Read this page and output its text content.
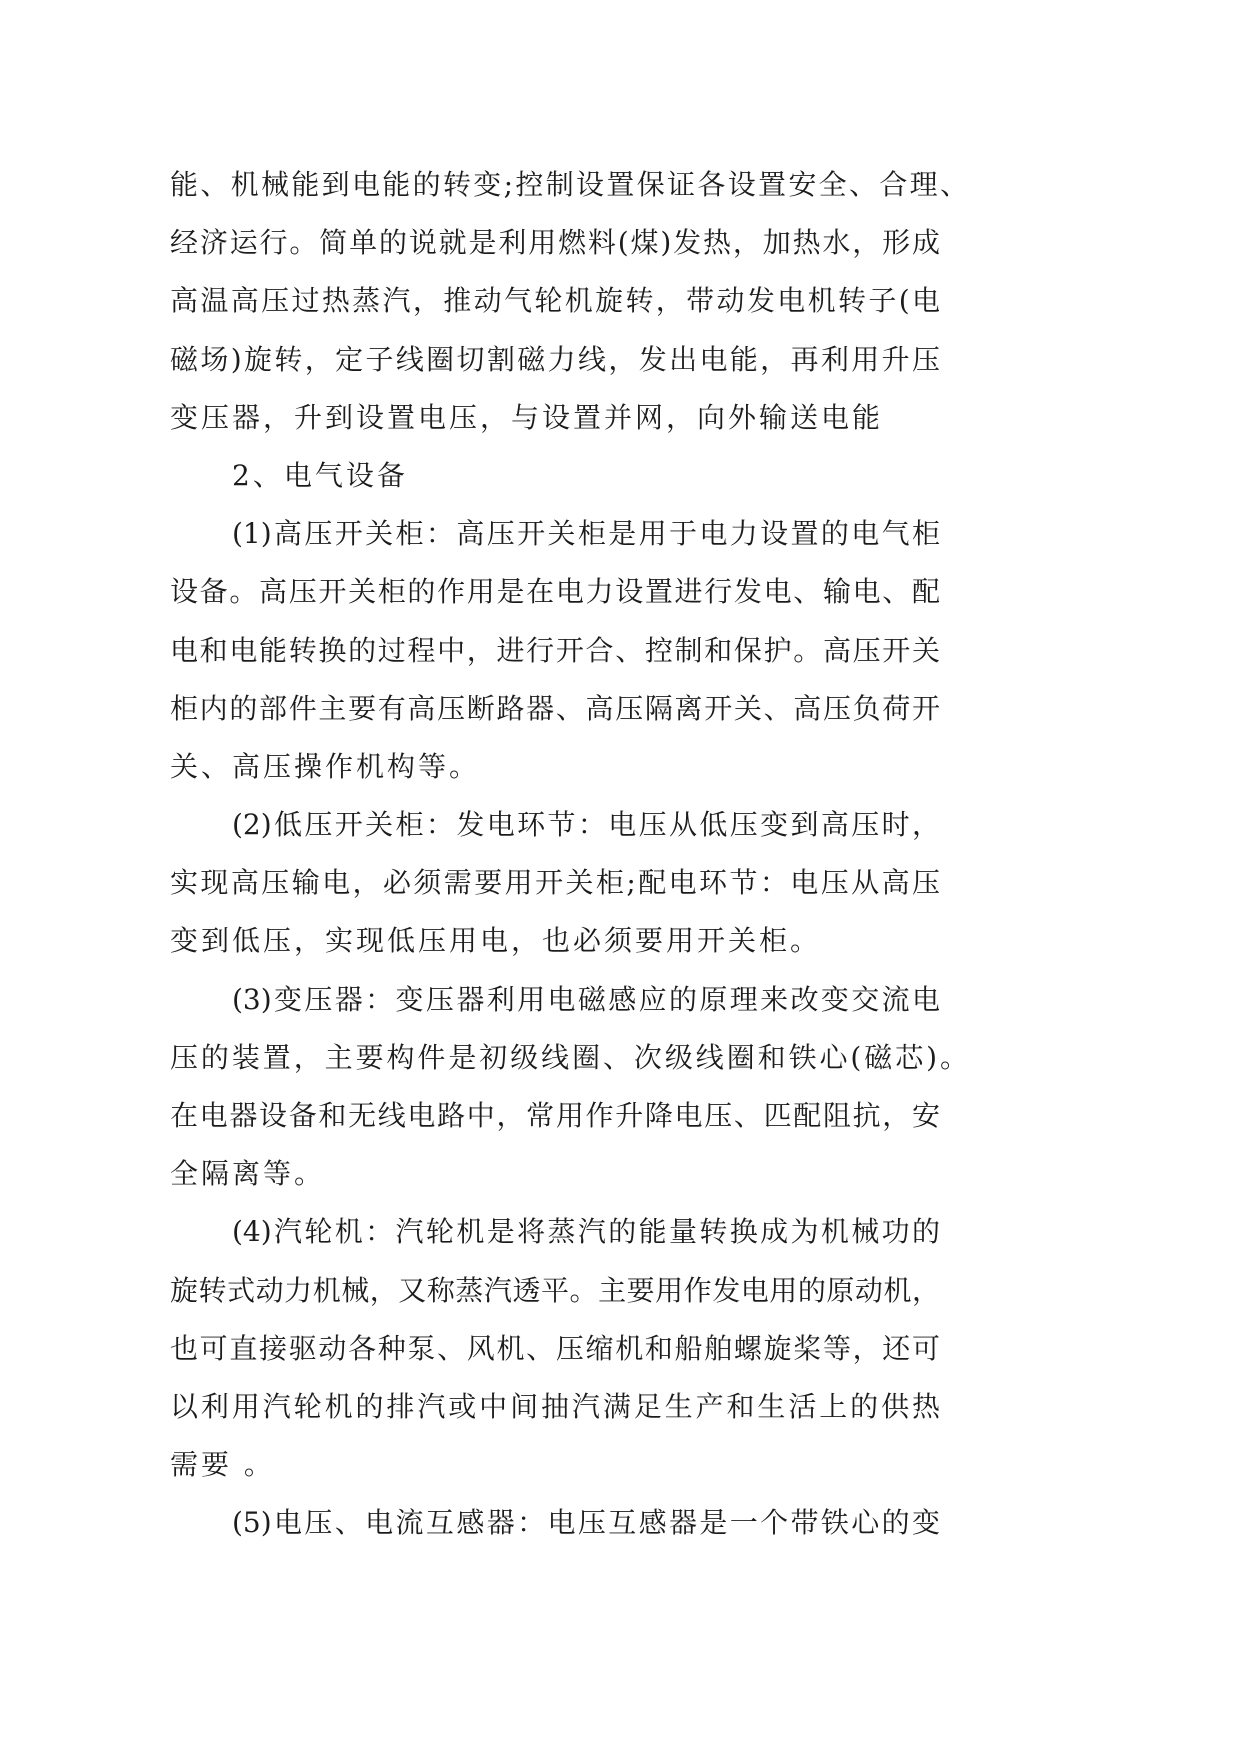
能、机械能到电能的转变;控制设置保证各设置安全、合理、
经济运行。简单的说就是利用燃料(煤)发热，加热水，形成
高温高压过热蒸汽，推动气轮机旋转，带动发电机转子(电
磁场)旋转，定子线圈切割磁力线，发出电能，再利用升压
变压器，升到设置电压，与设置并网，向外输送电能
2、电气设备
(1)高压开关柜：高压开关柜是用于电力设置的电气柜
设备。高压开关柜的作用是在电力设置进行发电、输电、配
电和电能转换的过程中，进行开合、控制和保护。高压开关
柜内的部件主要有高压断路器、高压隔离开关、高压负荷开
关、高压操作机构等。
(2)低压开关柜：发电环节：电压从低压变到高压时，
实现高压输电，必须需要用开关柜;配电环节：电压从高压
变到低压，实现低压用电，也必须要用开关柜。
(3)变压器：变压器利用电磁感应的原理来改变交流电
压的装置，主要构件是初级线圈、次级线圈和铁心(磁芯)。
在电器设备和无线电路中，常用作升降电压、匹配阻抗，安
全隔离等。
(4)汽轮机：汽轮机是将蒸汽的能量转换成为机械功的
旋转式动力机械，又称蒸汽透平。主要用作发电用的原动机，
也可直接驱动各种泵、风机、压缩机和船舶螺旋桨等，还可
以利用汽轮机的排汽或中间抽汽满足生产和生活上的供热
需要 。
(5)电压、电流互感器：电压互感器是一个带铁心的变
